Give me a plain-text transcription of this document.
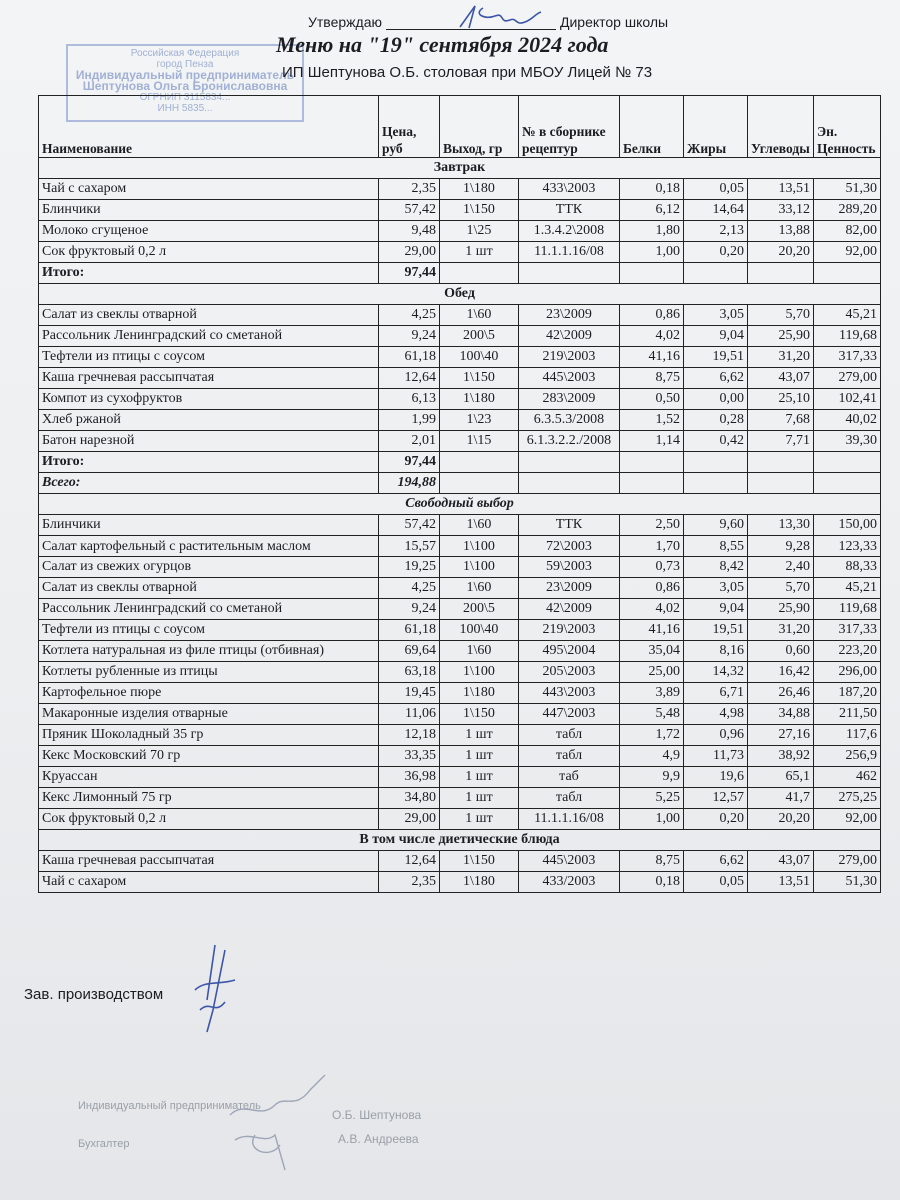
Утверждаю	Директор школы
Российская Федерация
город Пенза
Индивидуальный предприниматель
Шептунова Ольга Брониславовна
ОГРНИП 3115834...
ИНН 5835...
Меню на "19" сентября 2024 года
ИП Шептунова О.Б. столовая при МБОУ Лицей № 73
Наименование	Цена, руб	Выход, гр	№ в сборнике рецептур	Белки	Жиры	Углеводы	Эн. Ценность
Завтрак							
Чай с сахаром	2,35	1\180	433\2003	0,18	0,05	13,51	51,30
Блинчики	57,42	1\150	ТТК	6,12	14,64	33,12	289,20
Молоко сгущеное	9,48	1\25	1.3.4.2\2008	1,80	2,13	13,88	82,00
Сок фруктовый 0,2 л	29,00	1 шт	11.1.1.16/08	1,00	0,20	20,20	92,00
Итого:	97,44						
Обед							
Салат из свеклы отварной	4,25	1\60	23\2009	0,86	3,05	5,70	45,21
Рассольник Ленинградский со сметаной	9,24	200\5	42\2009	4,02	9,04	25,90	119,68
Тефтели из птицы с соусом	61,18	100\40	219\2003	41,16	19,51	31,20	317,33
Каша гречневая рассыпчатая	12,64	1\150	445\2003	8,75	6,62	43,07	279,00
Компот из сухофруктов	6,13	1\180	283\2009	0,50	0,00	25,10	102,41
Хлеб ржаной	1,99	1\23	6.3.5.3/2008	1,52	0,28	7,68	40,02
Батон нарезной	2,01	1\15	6.1.3.2.2./2008	1,14	0,42	7,71	39,30
Итого:	97,44						
Всего:	194,88						
Свободный выбор							
Блинчики	57,42	1\60	ТТК	2,50	9,60	13,30	150,00
Салат картофельный с растительным маслом	15,57	1\100	72\2003	1,70	8,55	9,28	123,33
Салат из свежих огурцов	19,25	1\100	59\2003	0,73	8,42	2,40	88,33
Салат из свеклы отварной	4,25	1\60	23\2009	0,86	3,05	5,70	45,21
Рассольник Ленинградский со сметаной	9,24	200\5	42\2009	4,02	9,04	25,90	119,68
Тефтели из птицы с соусом	61,18	100\40	219\2003	41,16	19,51	31,20	317,33
Котлета натуральная из филе птицы (отбивная)	69,64	1\60	495\2004	35,04	8,16	0,60	223,20
Котлеты рубленные из птицы	63,18	1\100	205\2003	25,00	14,32	16,42	296,00
Картофельное пюре	19,45	1\180	443\2003	3,89	6,71	26,46	187,20
Макаронные изделия отварные	11,06	1\150	447\2003	5,48	4,98	34,88	211,50
Пряник Шоколадный 35 гр	12,18	1 шт	табл	1,72	0,96	27,16	117,6
Кекс Московский 70 гр	33,35	1 шт	табл	4,9	11,73	38,92	256,9
Круассан	36,98	1 шт	таб	9,9	19,6	65,1	462
Кекс Лимонный 75 гр	34,80	1 шт	табл	5,25	12,57	41,7	275,25
Сок фруктовый 0,2 л	29,00	1 шт	11.1.1.16/08	1,00	0,20	20,20	92,00
В том числе диетические блюда							
Каша гречневая рассыпчатая	12,64	1\150	445\2003	8,75	6,62	43,07	279,00
Чай с сахаром	2,35	1\180	433/2003	0,18	0,05	13,51	51,30
Зав. производством
Индивидуальный предприниматель
О.Б. Шептунова
Бухгалтер	А.В. Андреева
